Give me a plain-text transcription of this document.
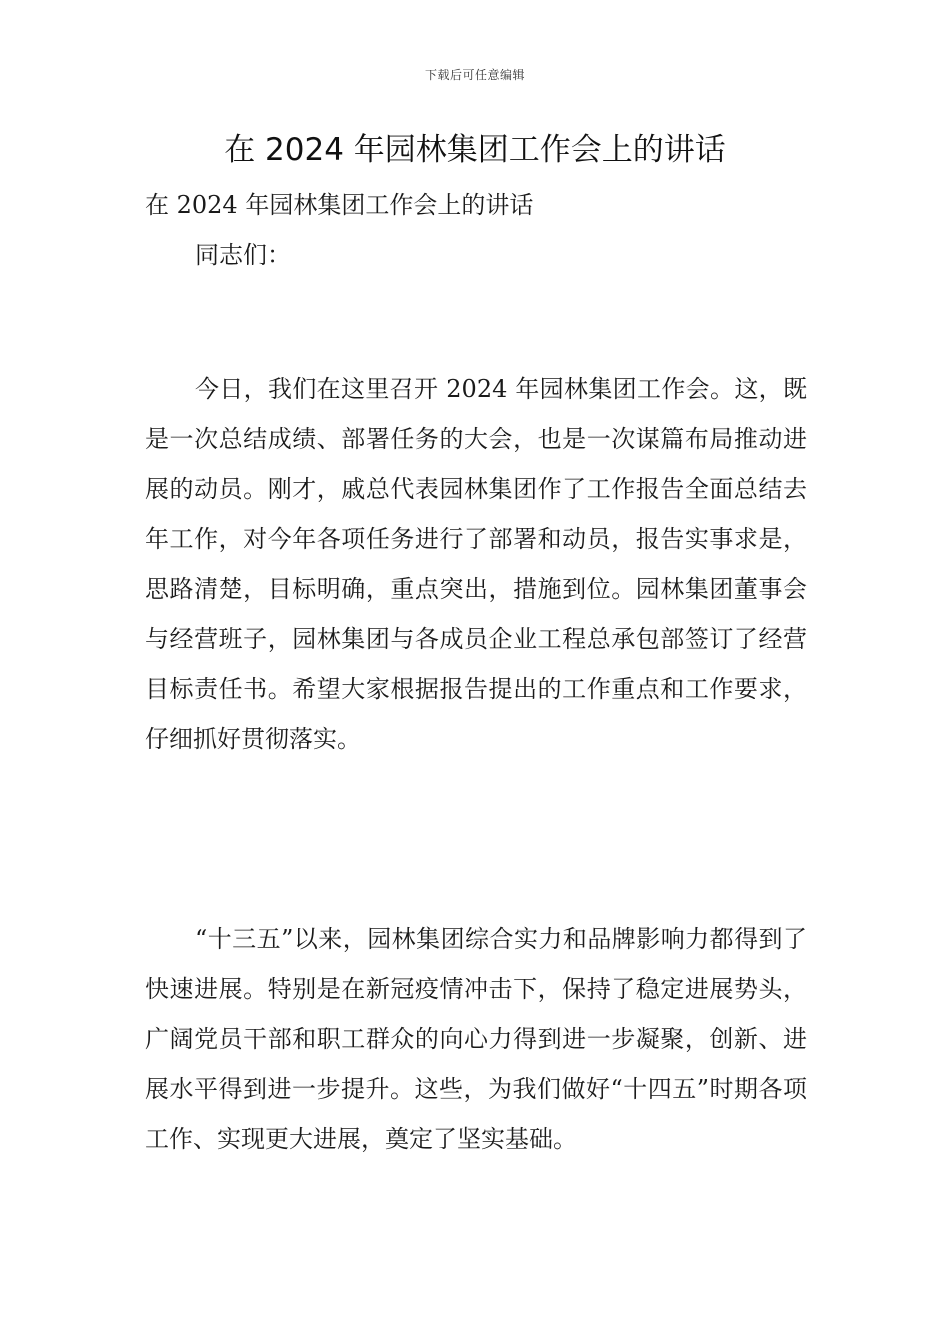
下载后可任意编辑
在 2024 年园林集团工作会上的讲话

在 2024 年园林集团工作会上的讲话

同志们：

今日，我们在这里召开 2024 年园林集团工作会。这，既是一次总结成绩、部署任务的大会，也是一次谋篇布局推动进展的动员。刚才，戚总代表园林集团作了工作报告全面总结去年工作，对今年各项任务进行了部署和动员，报告实事求是，思路清楚，目标明确，重点突出，措施到位。园林集团董事会与经营班子，园林集团与各成员企业工程总承包部签订了经营目标责任书。希望大家根据报告提出的工作重点和工作要求，仔细抓好贯彻落实。

“十三五”以来，园林集团综合实力和品牌影响力都得到了快速进展。特别是在新冠疫情冲击下，保持了稳定进展势头，广阔党员干部和职工群众的向心力得到进一步凝聚，创新、进展水平得到进一步提升。这些，为我们做好“十四五”时期各项工作、实现更大进展，奠定了坚实基础。
